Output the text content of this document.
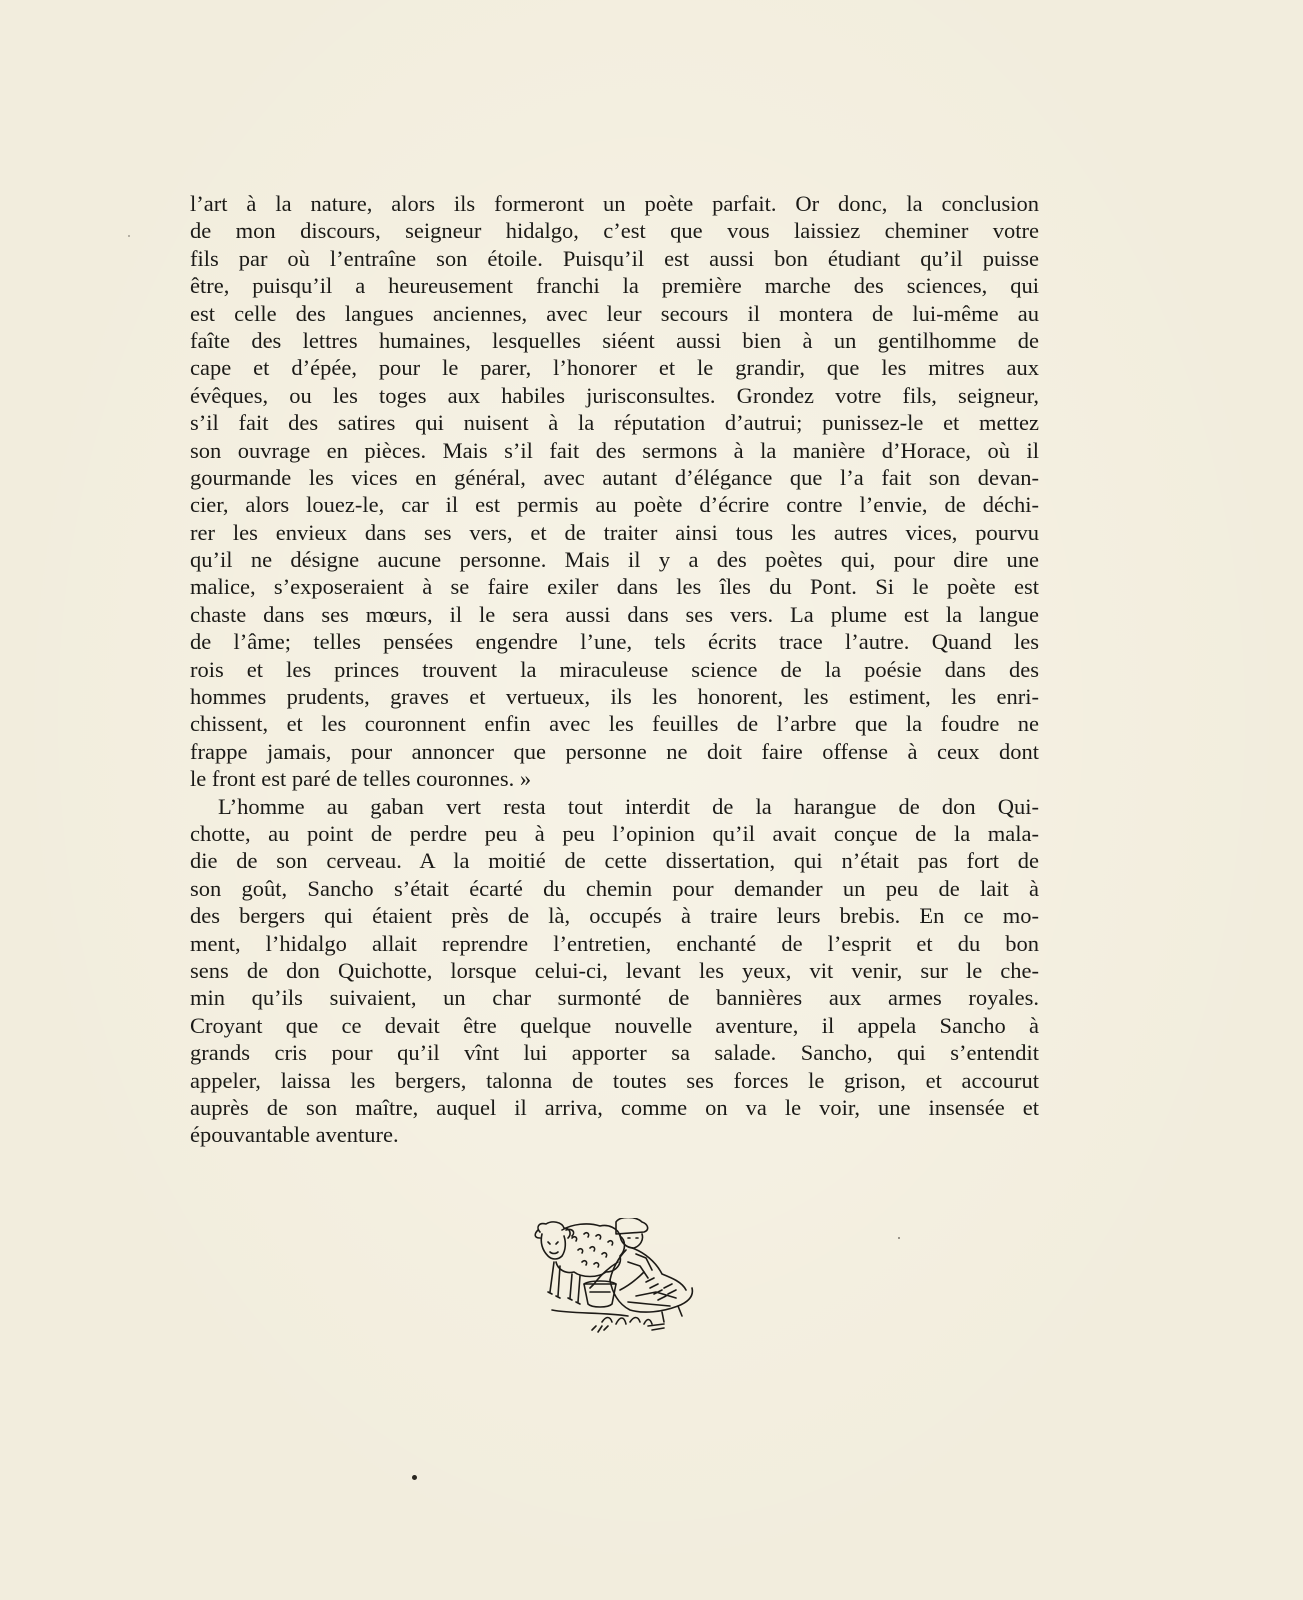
l’art à la nature, alors ils formeront un poète parfait. Or donc, la conclusion
de mon discours, seigneur hidalgo, c’est que vous laissiez cheminer votre
fils par où l’entraîne son étoile. Puisqu’il est aussi bon étudiant qu’il puisse
être, puisqu’il a heureusement franchi la première marche des sciences, qui
est celle des langues anciennes, avec leur secours il montera de lui-même au
faîte des lettres humaines, lesquelles siéent aussi bien à un gentilhomme de
cape et d’épée, pour le parer, l’honorer et le grandir, que les mitres aux
évêques, ou les toges aux habiles jurisconsultes. Grondez votre fils, seigneur,
s’il fait des satires qui nuisent à la réputation d’autrui; punissez-le et mettez
son ouvrage en pièces. Mais s’il fait des sermons à la manière d’Horace, où il
gourmande les vices en général, avec autant d’élégance que l’a fait son devan-
cier, alors louez-le, car il est permis au poète d’écrire contre l’envie, de déchi-
rer les envieux dans ses vers, et de traiter ainsi tous les autres vices, pourvu
qu’il ne désigne aucune personne. Mais il y a des poètes qui, pour dire une
malice, s’exposeraient à se faire exiler dans les îles du Pont. Si le poète est
chaste dans ses mœurs, il le sera aussi dans ses vers. La plume est la langue
de l’âme; telles pensées engendre l’une, tels écrits trace l’autre. Quand les
rois et les princes trouvent la miraculeuse science de la poésie dans des
hommes prudents, graves et vertueux, ils les honorent, les estiment, les enri-
chissent, et les couronnent enfin avec les feuilles de l’arbre que la foudre ne
frappe jamais, pour annoncer que personne ne doit faire offense à ceux dont
le front est paré de telles couronnes. »
L’homme au gaban vert resta tout interdit de la harangue de don Qui-
chotte, au point de perdre peu à peu l’opinion qu’il avait conçue de la mala-
die de son cerveau. A la moitié de cette dissertation, qui n’était pas fort de
son goût, Sancho s’était écarté du chemin pour demander un peu de lait à
des bergers qui étaient près de là, occupés à traire leurs brebis. En ce mo-
ment, l’hidalgo allait reprendre l’entretien, enchanté de l’esprit et du bon
sens de don Quichotte, lorsque celui-ci, levant les yeux, vit venir, sur le che-
min qu’ils suivaient, un char surmonté de bannières aux armes royales.
Croyant que ce devait être quelque nouvelle aventure, il appela Sancho à
grands cris pour qu’il vînt lui apporter sa salade. Sancho, qui s’entendit
appeler, laissa les bergers, talonna de toutes ses forces le grison, et accourut
auprès de son maître, auquel il arriva, comme on va le voir, une insensée et
épouvantable aventure.
